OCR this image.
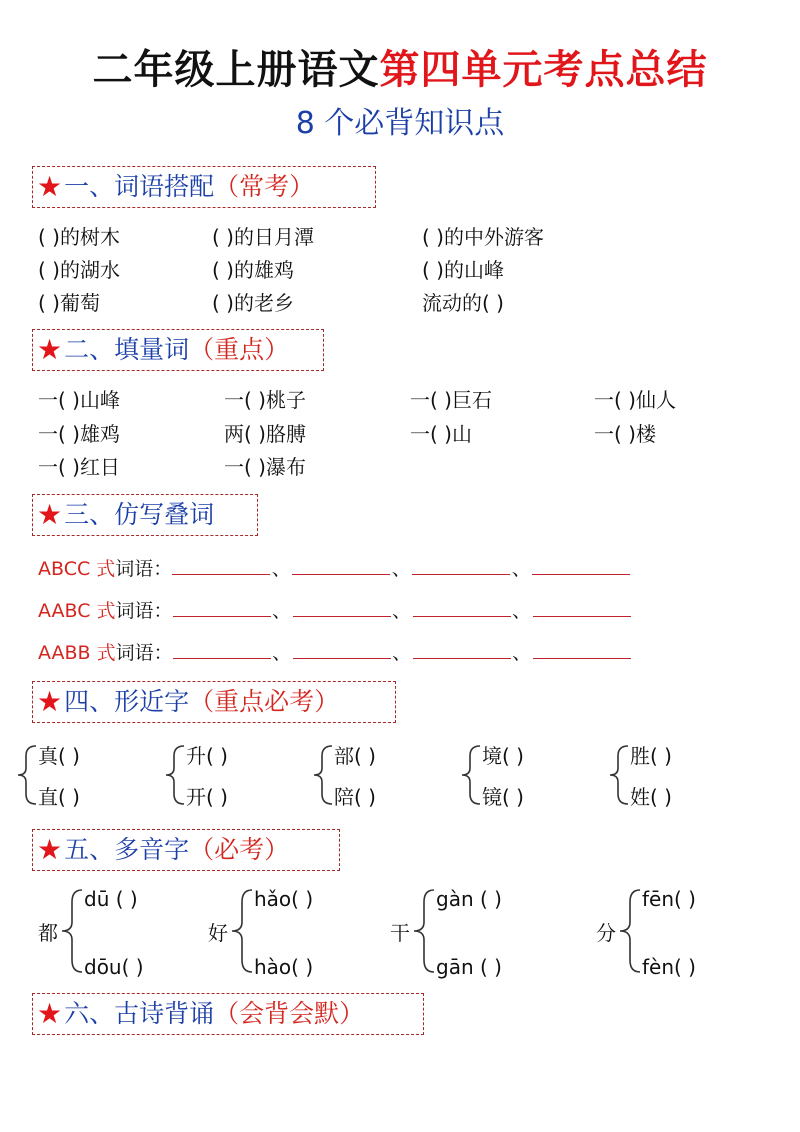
二年级上册语文第四单元考点总结
8 个必背知识点
★ 一、词语搭配 （常考）
( )的树木	( )的日月潭	( )的中外游客
( )的湖水	( )的雄鸡	( )的山峰
( )葡萄	( )的老乡	流动的( )
★ 二、填量词 （重点）
一( )山峰	一( )桃子	一( )巨石	一( )仙人
一( )雄鸡	两( )胳膊	一( )山	一( )楼
一( )红日	一( )瀑布
★ 三、仿写叠词
ABCC 式词语：	、	、	、
AABC 式词语：	、	、	、
AABB 式词语：	、	、	、
★ 四、形近字 （重点必考）
真( )
直( )
升( )
开( )
部( )
陪( )
境( )
镜( )
胜( )
姓( )
★ 五、多音字 （必考）
都
dū ( )
dōu( )
好
hǎo( )
hào( )
干
gàn ( )
gān ( )
分
fēn( )
fèn( )
★ 六、古诗背诵 （会背会默）
